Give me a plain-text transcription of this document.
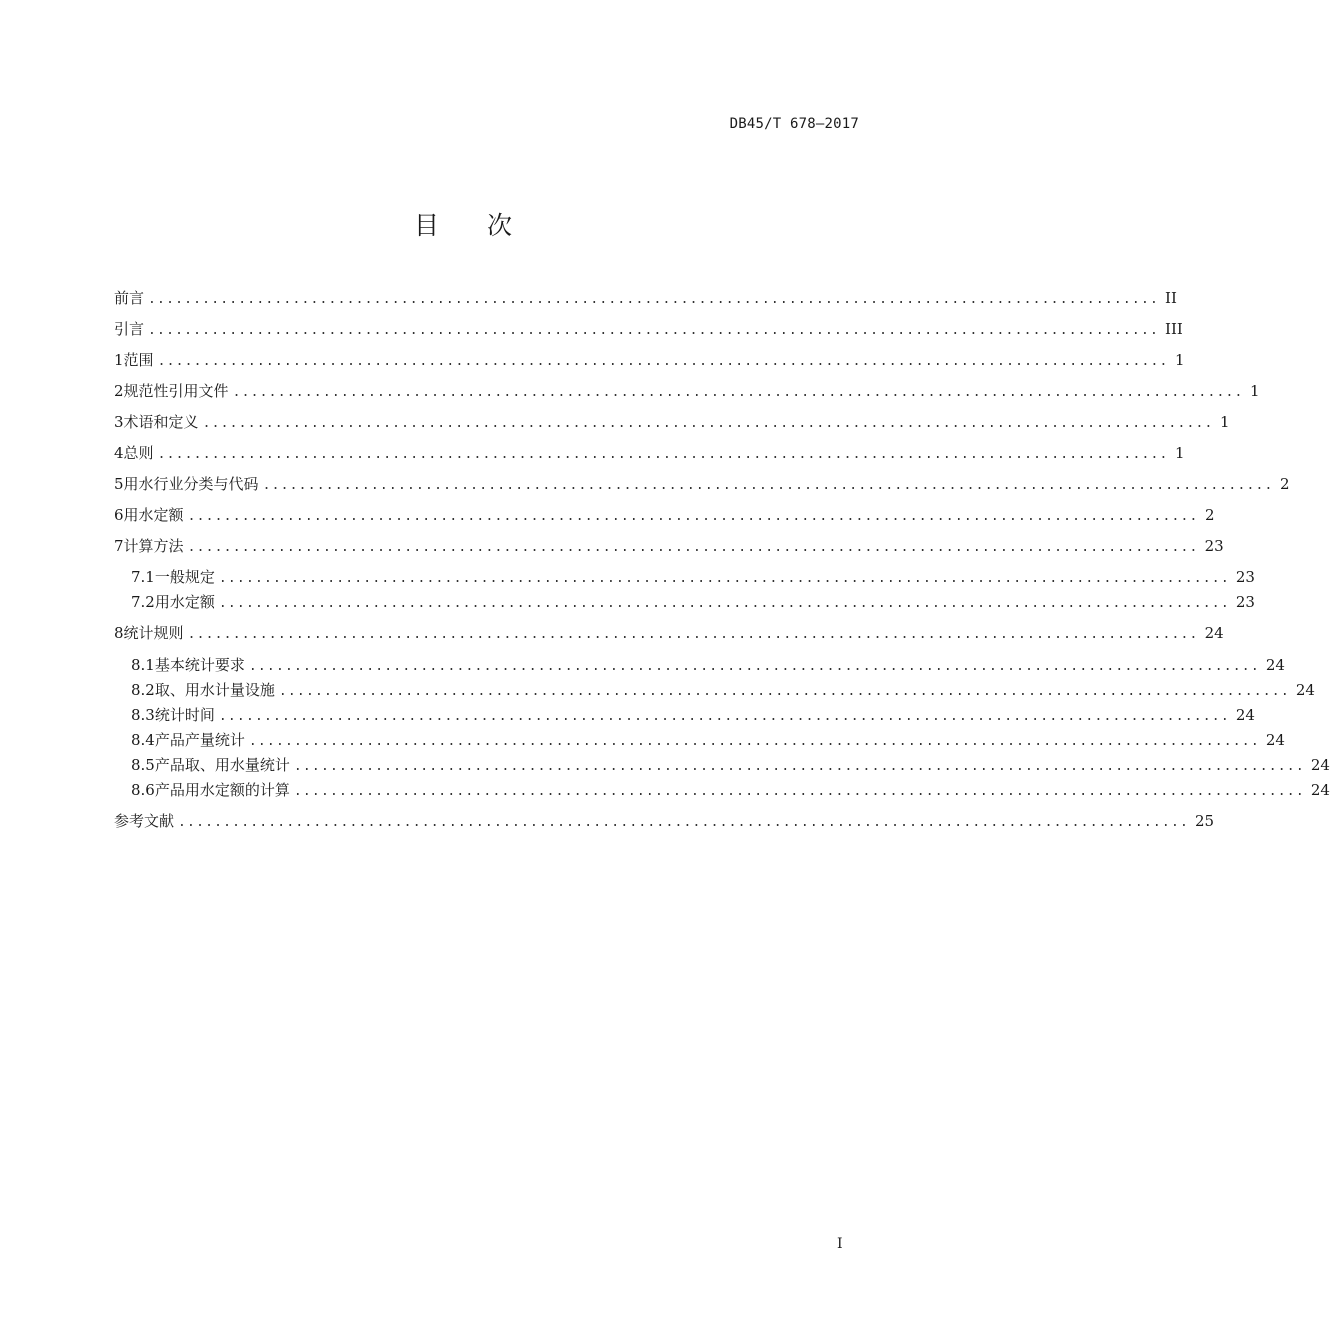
DB45/T 678—2017
目次
前言 ................................................................................................................ II
引言 ................................................................................................................ III
1 范围 ................................................................................................................ 1
2 规范性引用文件 ................................................................................................................ 1
3 术语和定义 ................................................................................................................ 1
4 总则 ................................................................................................................ 1
5 用水行业分类与代码 ................................................................................................................ 2
6 用水定额 ................................................................................................................ 2
7 计算方法 ................................................................................................................ 23
7.1 一般规定 ................................................................................................................ 23
7.2 用水定额 ................................................................................................................ 23
8 统计规则 ................................................................................................................ 24
8.1 基本统计要求 ................................................................................................................ 24
8.2 取、用水计量设施 ................................................................................................................ 24
8.3 统计时间 ................................................................................................................ 24
8.4 产品产量统计 ................................................................................................................ 24
8.5 产品取、用水量统计 ................................................................................................................ 24
8.6 产品用水定额的计算 ................................................................................................................ 24
参考文献 ................................................................................................................ 25
I
